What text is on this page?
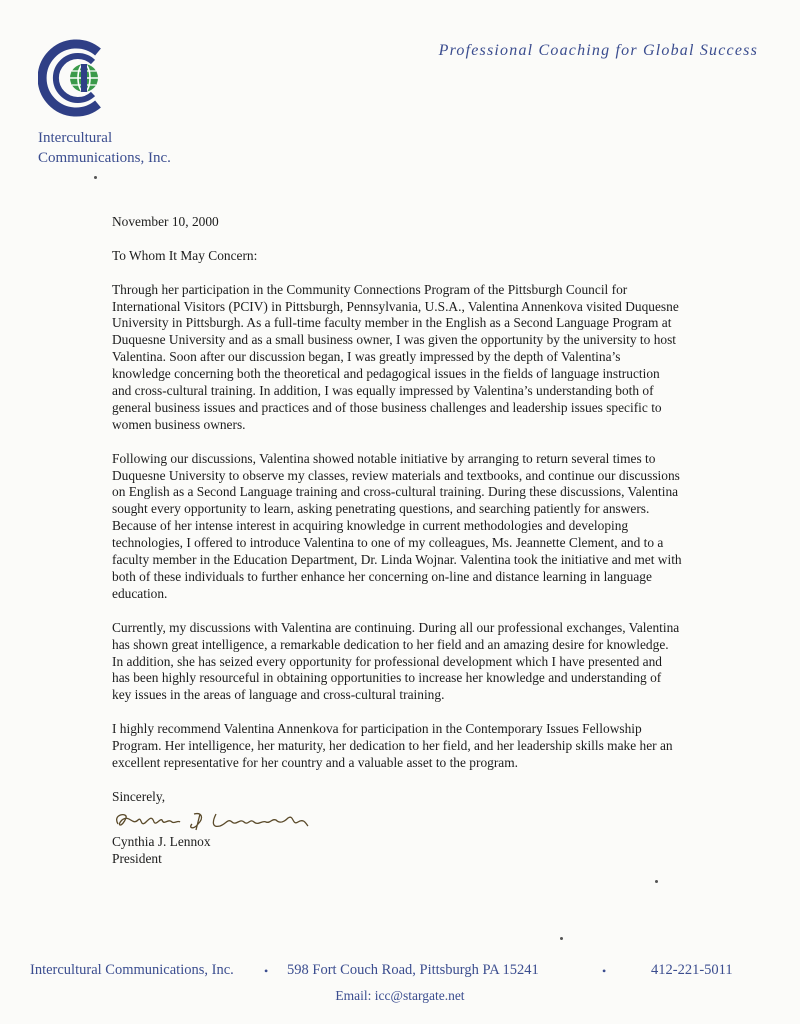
Intercultural
Communications, Inc.
Professional Coaching for Global Success

November 10, 2000

To Whom It May Concern:

Through her participation in the Community Connections Program of the Pittsburgh Council for International Visitors (PCIV) in Pittsburgh, Pennsylvania, U.S.A., Valentina Annenkova visited Duquesne University in Pittsburgh. As a full-time faculty member in the English as a Second Language Program at Duquesne University and as a small business owner, I was given the opportunity by the university to host Valentina. Soon after our discussion began, I was greatly impressed by the depth of Valentina’s knowledge concerning both the theoretical and pedagogical issues in the fields of language instruction and cross-cultural training. In addition, I was equally impressed by Valentina’s understanding both of general business issues and practices and of those business challenges and leadership issues specific to women business owners.

Following our discussions, Valentina showed notable initiative by arranging to return several times to Duquesne University to observe my classes, review materials and textbooks, and continue our discussions on English as a Second Language training and cross-cultural training. During these discussions, Valentina sought every opportunity to learn, asking penetrating questions, and searching patiently for answers. Because of her intense interest in acquiring knowledge in current methodologies and developing technologies, I offered to introduce Valentina to one of my colleagues, Ms. Jeannette Clement, and to a faculty member in the Education Department, Dr. Linda Wojnar. Valentina took the initiative and met with both of these individuals to further enhance her concerning on-line and distance learning in language education.

Currently, my discussions with Valentina are continuing. During all our professional exchanges, Valentina has shown great intelligence, a remarkable dedication to her field and an amazing desire for knowledge. In addition, she has seized every opportunity for professional development which I have presented and has been highly resourceful in obtaining opportunities to increase her knowledge and understanding of key issues in the areas of language and cross-cultural training.

I highly recommend Valentina Annenkova for participation in the Contemporary Issues Fellowship Program. Her intelligence, her maturity, her dedication to her field, and her leadership skills make her an excellent representative for her country and a valuable asset to the program.

Sincerely,

Cynthia J. Lennox
President
Intercultural Communications, Inc.	• 598 Fort Couch Road, Pittsburgh PA 15241	•	412-221-5011
Email: icc@stargate.net
